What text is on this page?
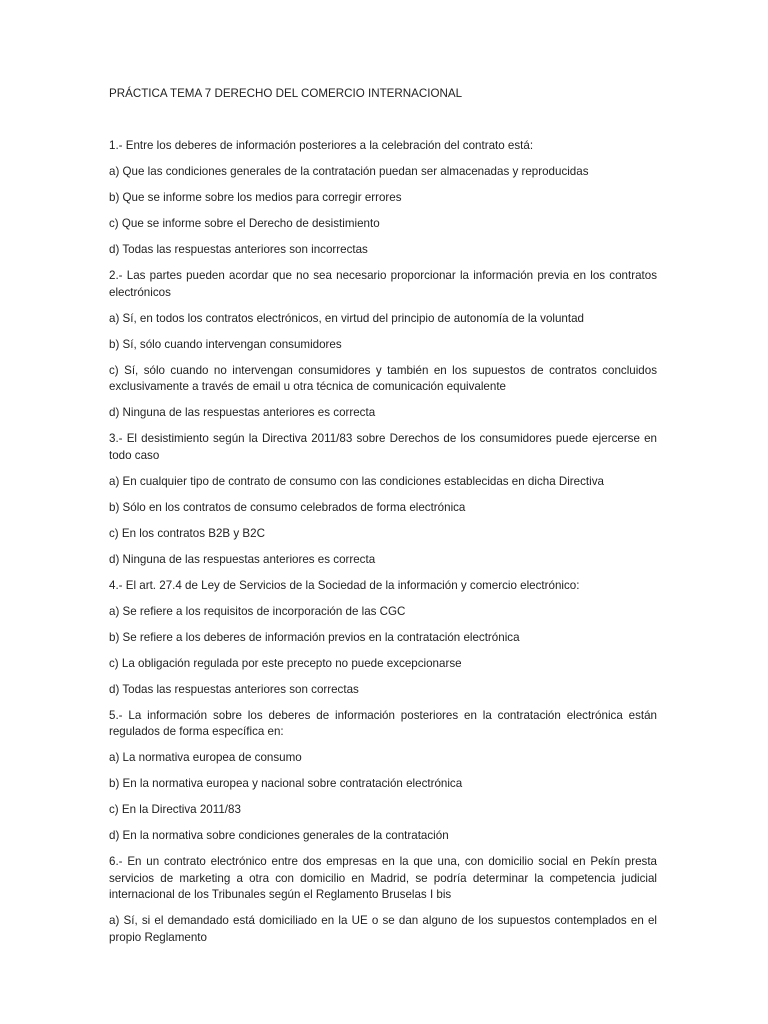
PRÁCTICA TEMA 7 DERECHO DEL COMERCIO INTERNACIONAL

1.- Entre los deberes de información posteriores a la celebración del contrato está:

a) Que las condiciones generales de la contratación puedan ser almacenadas y reproducidas

b) Que se informe sobre los medios para corregir errores

c) Que se informe sobre el Derecho de desistimiento

d) Todas las respuestas anteriores son incorrectas

2.- Las partes pueden acordar que no sea necesario proporcionar la información previa en los contratos electrónicos

a) Sí, en todos los contratos electrónicos, en virtud del principio de autonomía de la voluntad

b) Sí, sólo cuando intervengan consumidores

c) Sí, sólo cuando no intervengan consumidores y también en los supuestos de contratos concluidos exclusivamente a través de email u otra técnica de comunicación equivalente

d) Ninguna de las respuestas anteriores es correcta

3.- El desistimiento según la Directiva 2011/83 sobre Derechos de los consumidores puede ejercerse en todo caso

a) En cualquier tipo de contrato de consumo con las condiciones establecidas en dicha Directiva

b) Sólo en los contratos de consumo celebrados de forma electrónica

c) En los contratos B2B y B2C

d) Ninguna de las respuestas anteriores es correcta

4.- El art. 27.4 de Ley de Servicios de la Sociedad de la información y comercio electrónico:

a) Se refiere a los requisitos de incorporación de las CGC

b) Se refiere a los deberes de información previos en la contratación electrónica

c) La obligación regulada por este precepto no puede excepcionarse

d) Todas las respuestas anteriores son correctas

5.- La información sobre los deberes de información posteriores en la contratación electrónica están regulados de forma específica en:

a) La normativa europea de consumo

b) En la normativa europea y nacional sobre contratación electrónica

c) En la Directiva 2011/83

d) En la normativa sobre condiciones generales de la contratación

6.- En un contrato electrónico entre dos empresas en la que una, con domicilio social en Pekín presta servicios de marketing a otra con domicilio en Madrid, se podría determinar la competencia judicial internacional de los Tribunales según el Reglamento Bruselas I bis

a) Sí, si el demandado está domiciliado en la UE o se dan alguno de los supuestos contemplados en el propio Reglamento
